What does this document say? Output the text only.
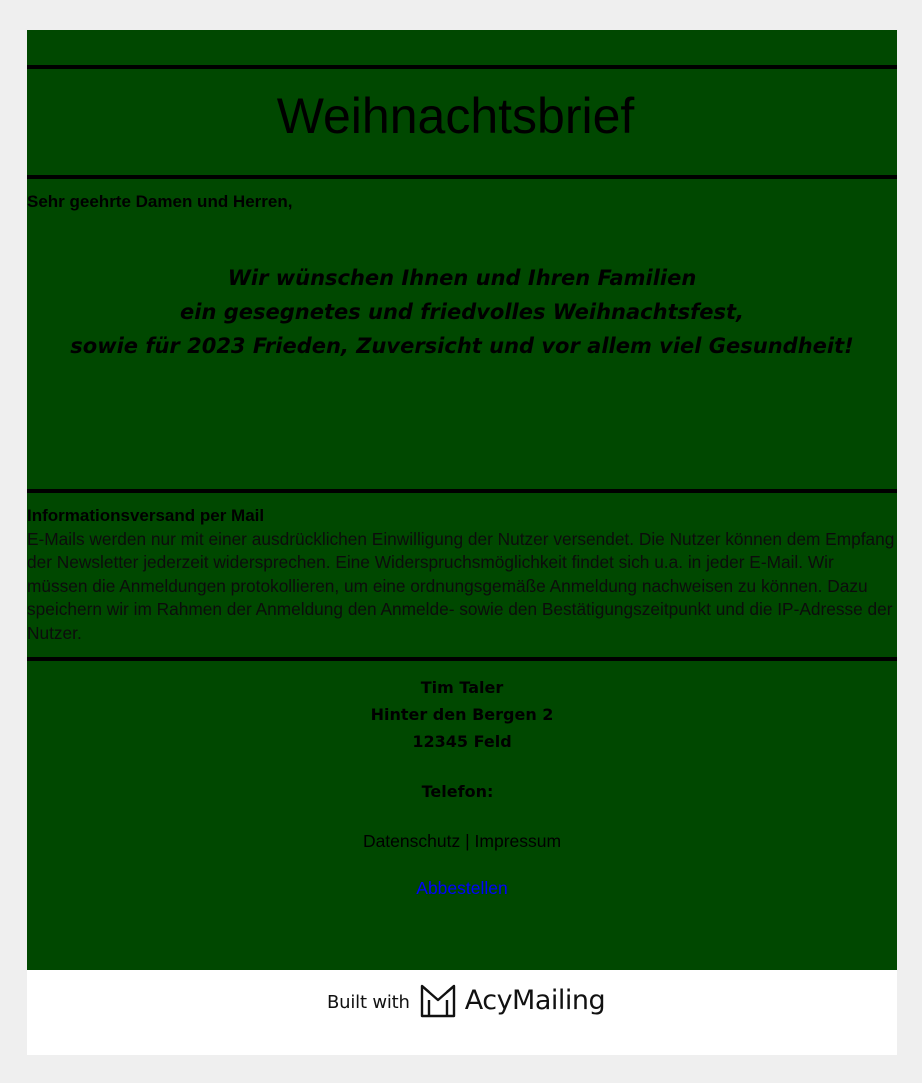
Weihnachtsbrief
Sehr geehrte Damen und Herren,
Wir wünschen Ihnen und Ihren Familien
ein gesegnetes und friedvolles Weihnachtsfest,
sowie für 2023 Frieden, Zuversicht und vor allem viel Gesundheit!
Informationsversand per Mail
E-Mails werden nur mit einer ausdrücklichen Einwilligung der Nutzer versendet. Die Nutzer können dem Empfang der Newsletter jederzeit widersprechen. Eine Widerspruchsmöglichkeit findet sich u.a. in jeder E-Mail. Wir müssen die Anmeldungen protokollieren, um eine ordnungsgemäße Anmeldung nachweisen zu können. Dazu speichern wir im Rahmen der Anmeldung den Anmelde- sowie den Bestätigungszeitpunkt und die IP-Adresse der Nutzer.
Tim Taler
Hinter den Bergen 2
12345 Feld
Telefon:
Datenschutz | Impressum
Abbestellen
Built with AcyMailing
